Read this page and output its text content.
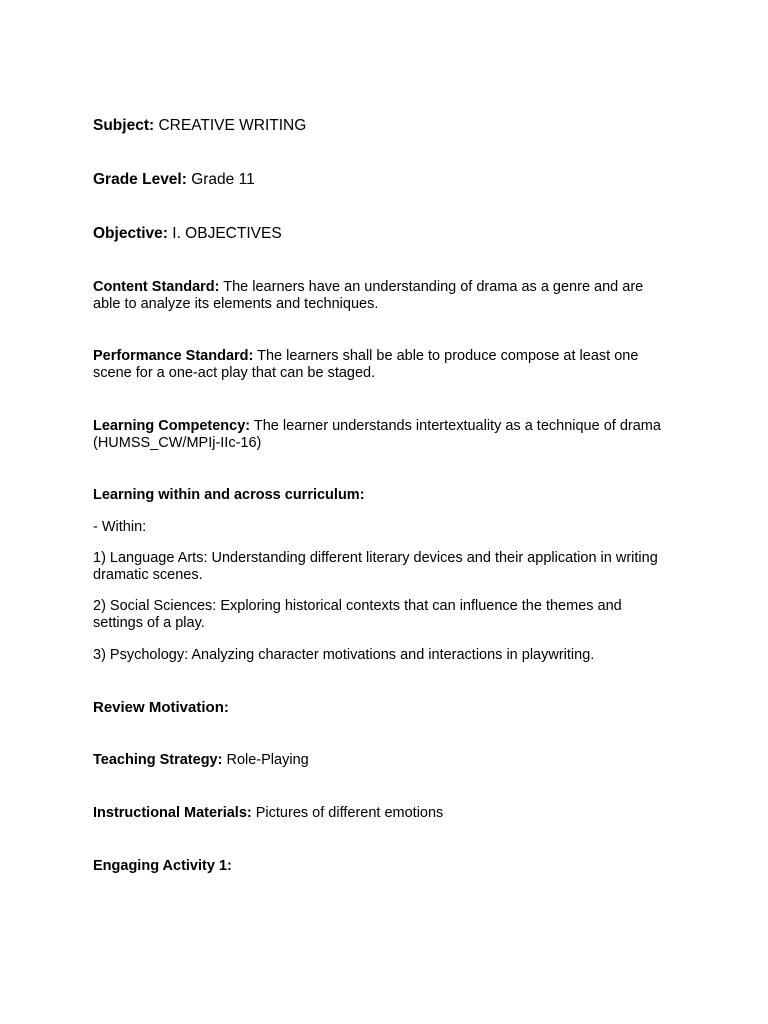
Subject: CREATIVE WRITING
Grade Level: Grade 11
Objective: I. OBJECTIVES
Content Standard: The learners have an understanding of drama as a genre and are able to analyze its elements and techniques.
Performance Standard: The learners shall be able to produce compose at least one scene for a one-act play that can be staged.
Learning Competency: The learner understands intertextuality as a technique of drama (HUMSS_CW/MPIj-IIc-16)
Learning within and across curriculum:
- Within:
1) Language Arts: Understanding different literary devices and their application in writing dramatic scenes.
2) Social Sciences: Exploring historical contexts that can influence the themes and settings of a play.
3) Psychology: Analyzing character motivations and interactions in playwriting.
Review Motivation:
Teaching Strategy: Role-Playing
Instructional Materials: Pictures of different emotions
Engaging Activity 1:
